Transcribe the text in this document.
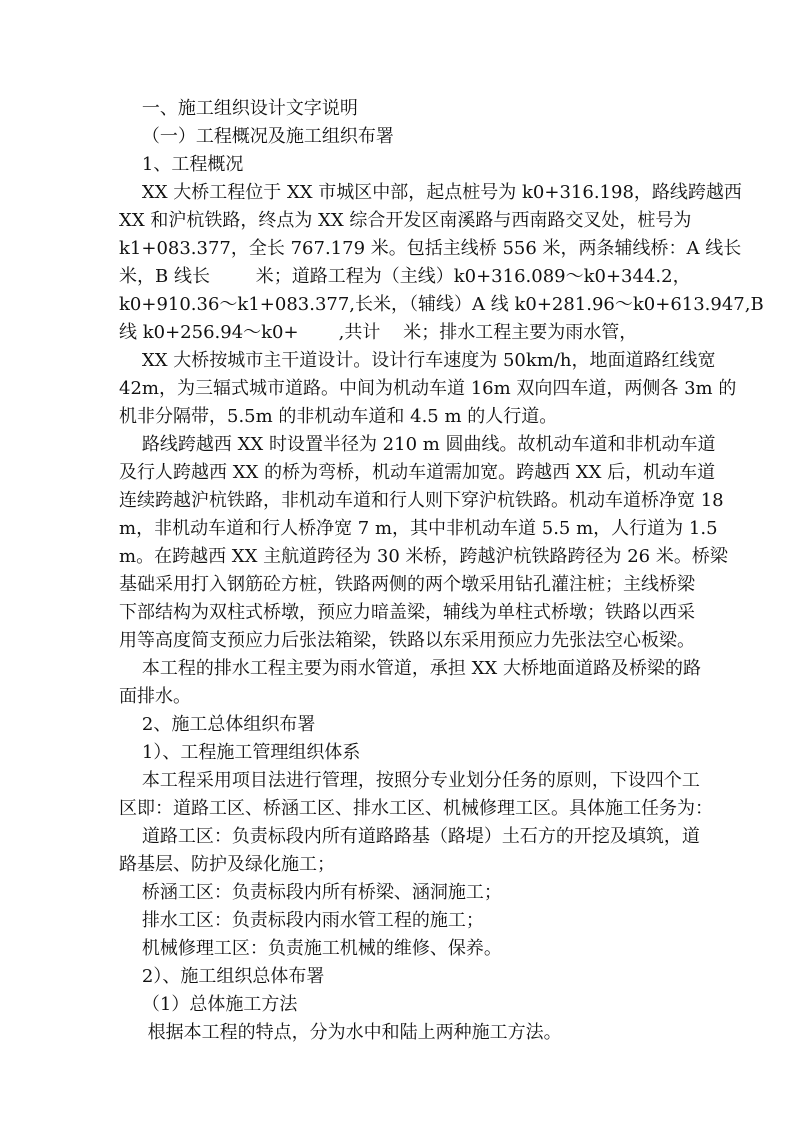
一、施工组织设计文字说明
（一）工程概况及施工组织布署
1、工程概况
XX 大桥工程位于 XX 市城区中部，起点桩号为 k0+316.198，路线跨越西
XX 和沪杭铁路，终点为 XX 综合开发区南溪路与西南路交叉处，桩号为
k1+083.377，全长 767.179 米。包括主线桥 556 米，两条辅线桥：A 线长
米，B 线长        米；道路工程为（主线）k0+316.089～k0+344.2，
k0+910.36～k1+083.377,长米，（辅线）A 线 k0+281.96～k0+613.947,B
线 k0+256.94～k0+       ,共计    米；排水工程主要为雨水管，
XX 大桥按城市主干道设计。设计行车速度为 50km/h，地面道路红线宽
42m，为三辐式城市道路。中间为机动车道 16m 双向四车道，两侧各 3m 的
机非分隔带，5.5m 的非机动车道和 4.5 m 的人行道。
路线跨越西 XX 时设置半径为 210 m 圆曲线。故机动车道和非机动车道
及行人跨越西 XX 的桥为弯桥，机动车道需加宽。跨越西 XX 后，机动车道
连续跨越沪杭铁路，非机动车道和行人则下穿沪杭铁路。机动车道桥净宽 18
m，非机动车道和行人桥净宽 7 m，其中非机动车道 5.5 m，人行道为 1.5
m。在跨越西 XX 主航道跨径为 30 米桥，跨越沪杭铁路跨径为 26 米。桥梁
基础采用打入钢筋砼方桩，铁路两侧的两个墩采用钻孔灌注桩；主线桥梁
下部结构为双柱式桥墩，预应力暗盖梁，辅线为单柱式桥墩；铁路以西采
用等高度简支预应力后张法箱梁，铁路以东采用预应力先张法空心板梁。
本工程的排水工程主要为雨水管道，承担 XX 大桥地面道路及桥梁的路
面排水。
2、施工总体组织布署
1）、工程施工管理组织体系
本工程采用项目法进行管理，按照分专业划分任务的原则，下设四个工
区即：道路工区、桥涵工区、排水工区、机械修理工区。具体施工任务为：
道路工区：负责标段内所有道路路基（路堤）土石方的开挖及填筑，道
路基层、防护及绿化施工；
桥涵工区：负责标段内所有桥梁、涵洞施工；
排水工区：负责标段内雨水管工程的施工；
机械修理工区：负责施工机械的维修、保养。
2）、施工组织总体布署
（1）总体施工方法
根据本工程的特点，分为水中和陆上两种施工方法。
